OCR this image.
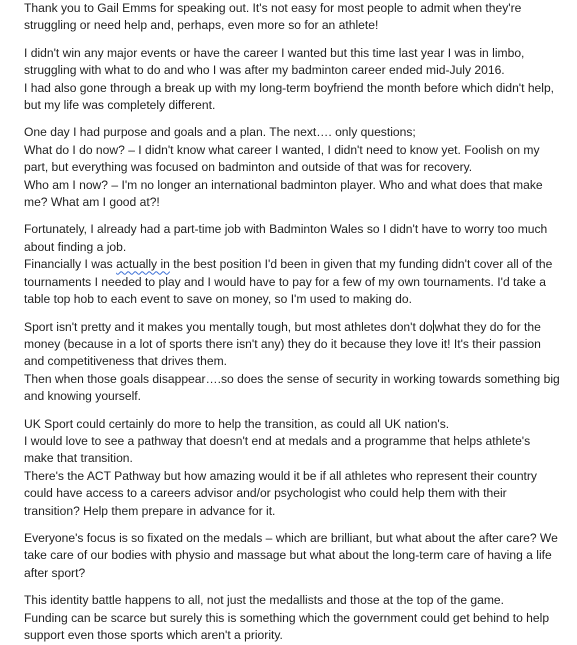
Thank you to Gail Emms for speaking out. It's not easy for most people to admit when they're
struggling or need help and, perhaps, even more so for an athlete!

I didn't win any major events or have the career I wanted but this time last year I was in limbo,
struggling with what to do and who I was after my badminton career ended mid-July 2016.
I had also gone through a break up with my long-term boyfriend the month before which didn't help,
but my life was completely different.

One day I had purpose and goals and a plan. The next…. only questions;
What do I do now? – I didn't know what career I wanted, I didn't need to know yet. Foolish on my
part, but everything was focused on badminton and outside of that was for recovery.
Who am I now? – I'm no longer an international badminton player. Who and what does that make
me? What am I good at?!

Fortunately, I already had a part-time job with Badminton Wales so I didn't have to worry too much
about finding a job.
Financially I was actually in the best position I'd been in given that my funding didn't cover all of the
tournaments I needed to play and I would have to pay for a few of my own tournaments. I'd take a
table top hob to each event to save on money, so I'm used to making do.

Sport isn't pretty and it makes you mentally tough, but most athletes don't do what they do for the
money (because in a lot of sports there isn't any) they do it because they love it! It's their passion
and competitiveness that drives them.
Then when those goals disappear….so does the sense of security in working towards something big
and knowing yourself.

UK Sport could certainly do more to help the transition, as could all UK nation's.
I would love to see a pathway that doesn't end at medals and a programme that helps athlete's
make that transition.
There's the ACT Pathway but how amazing would it be if all athletes who represent their country
could have access to a careers advisor and/or psychologist who could help them with their
transition? Help them prepare in advance for it.

Everyone's focus is so fixated on the medals – which are brilliant, but what about the after care? We
take care of our bodies with physio and massage but what about the long-term care of having a life
after sport?

This identity battle happens to all, not just the medallists and those at the top of the game.
Funding can be scarce but surely this is something which the government could get behind to help
support even those sports which aren't a priority.
